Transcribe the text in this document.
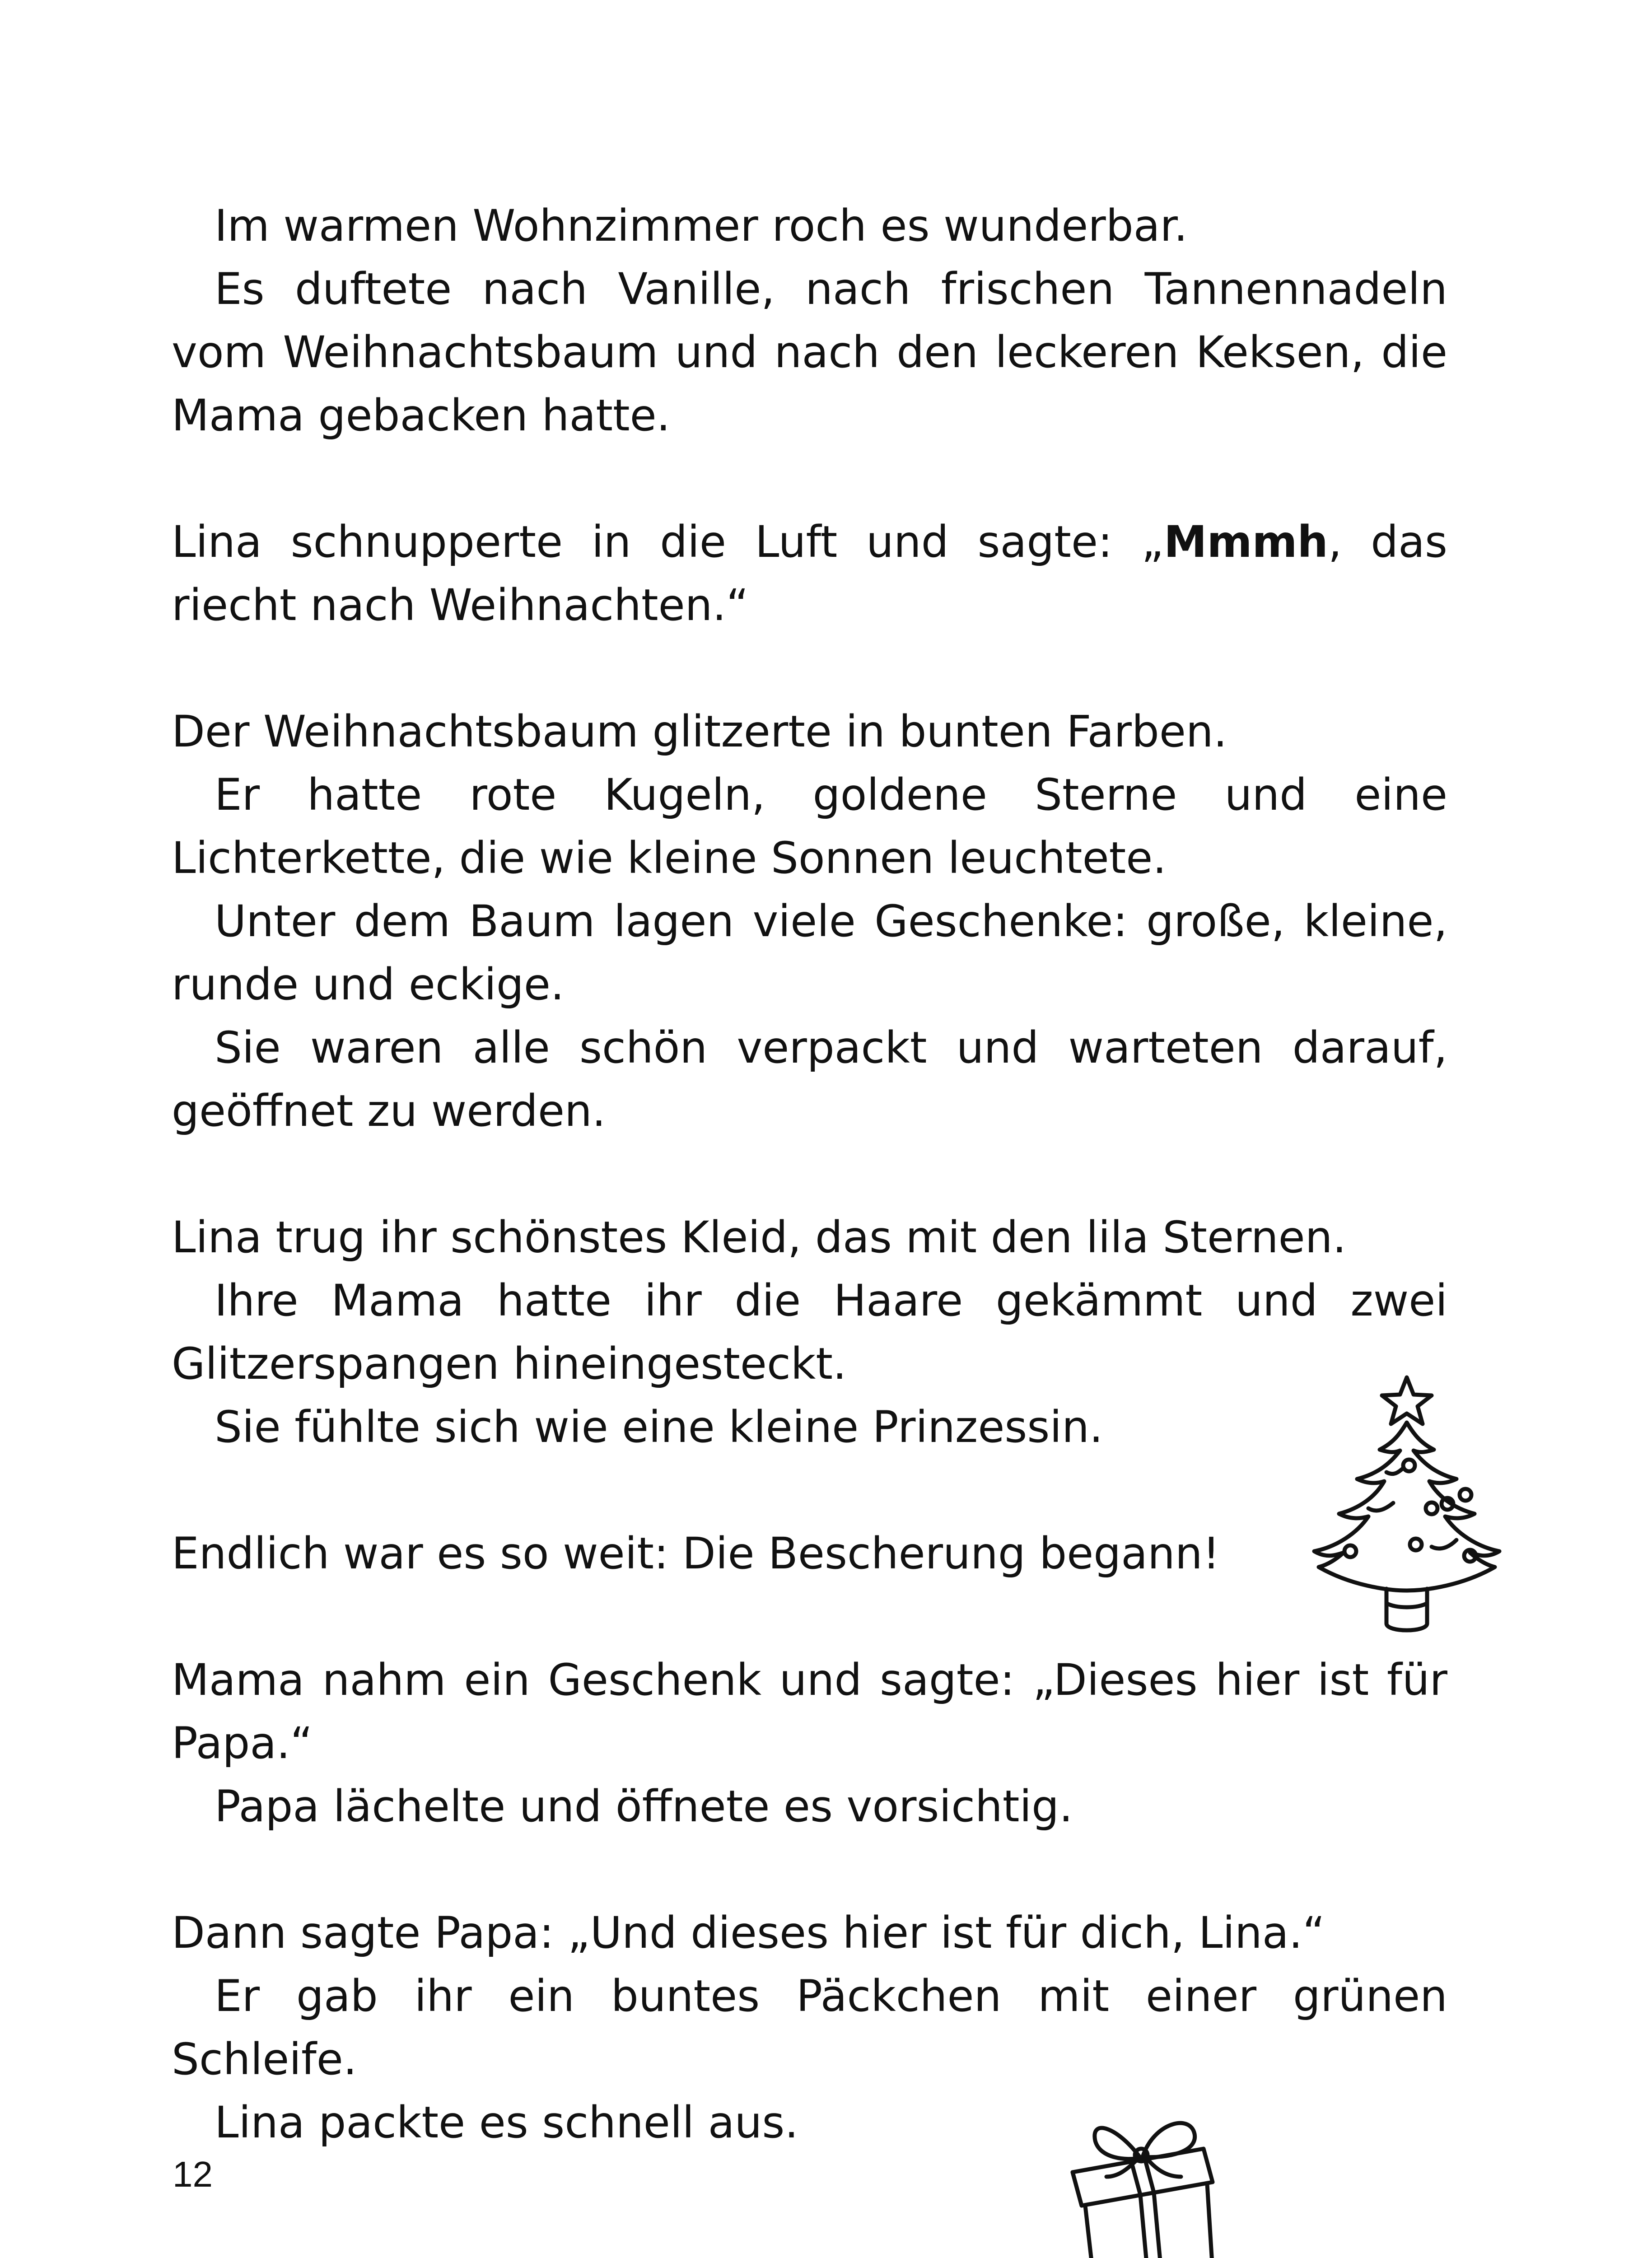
Im warmen Wohnzimmer roch es wunderbar.

Es duftete nach Vanille, nach frischen Tannennadeln vom Weihnachtsbaum und nach den leckeren Keksen, die Mama gebacken hatte.

Lina schnupperte in die Luft und sagte: „Mmmh, das riecht nach Weihnachten.“

Der Weihnachtsbaum glitzerte in bunten Farben.

Er hatte rote Kugeln, goldene Sterne und eine Lichterkette, die wie kleine Sonnen leuchtete.

Unter dem Baum lagen viele Geschenke: große, kleine, runde und eckige.

Sie waren alle schön verpackt und warteten darauf, geöffnet zu werden.

Lina trug ihr schönstes Kleid, das mit den lila Sternen.

Ihre Mama hatte ihr die Haare gekämmt und zwei Glitzerspangen hineingesteckt.

Sie fühlte sich wie eine kleine Prinzessin.

Endlich war es so weit: Die Bescherung begann!

Mama nahm ein Geschenk und sagte: „Dieses hier ist für Papa.“

Papa lächelte und öffnete es vorsichtig.

Dann sagte Papa: „Und dieses hier ist für dich, Lina.“

Er gab ihr ein buntes Päckchen mit einer grünen Schleife.

Lina packte es schnell aus.

12
